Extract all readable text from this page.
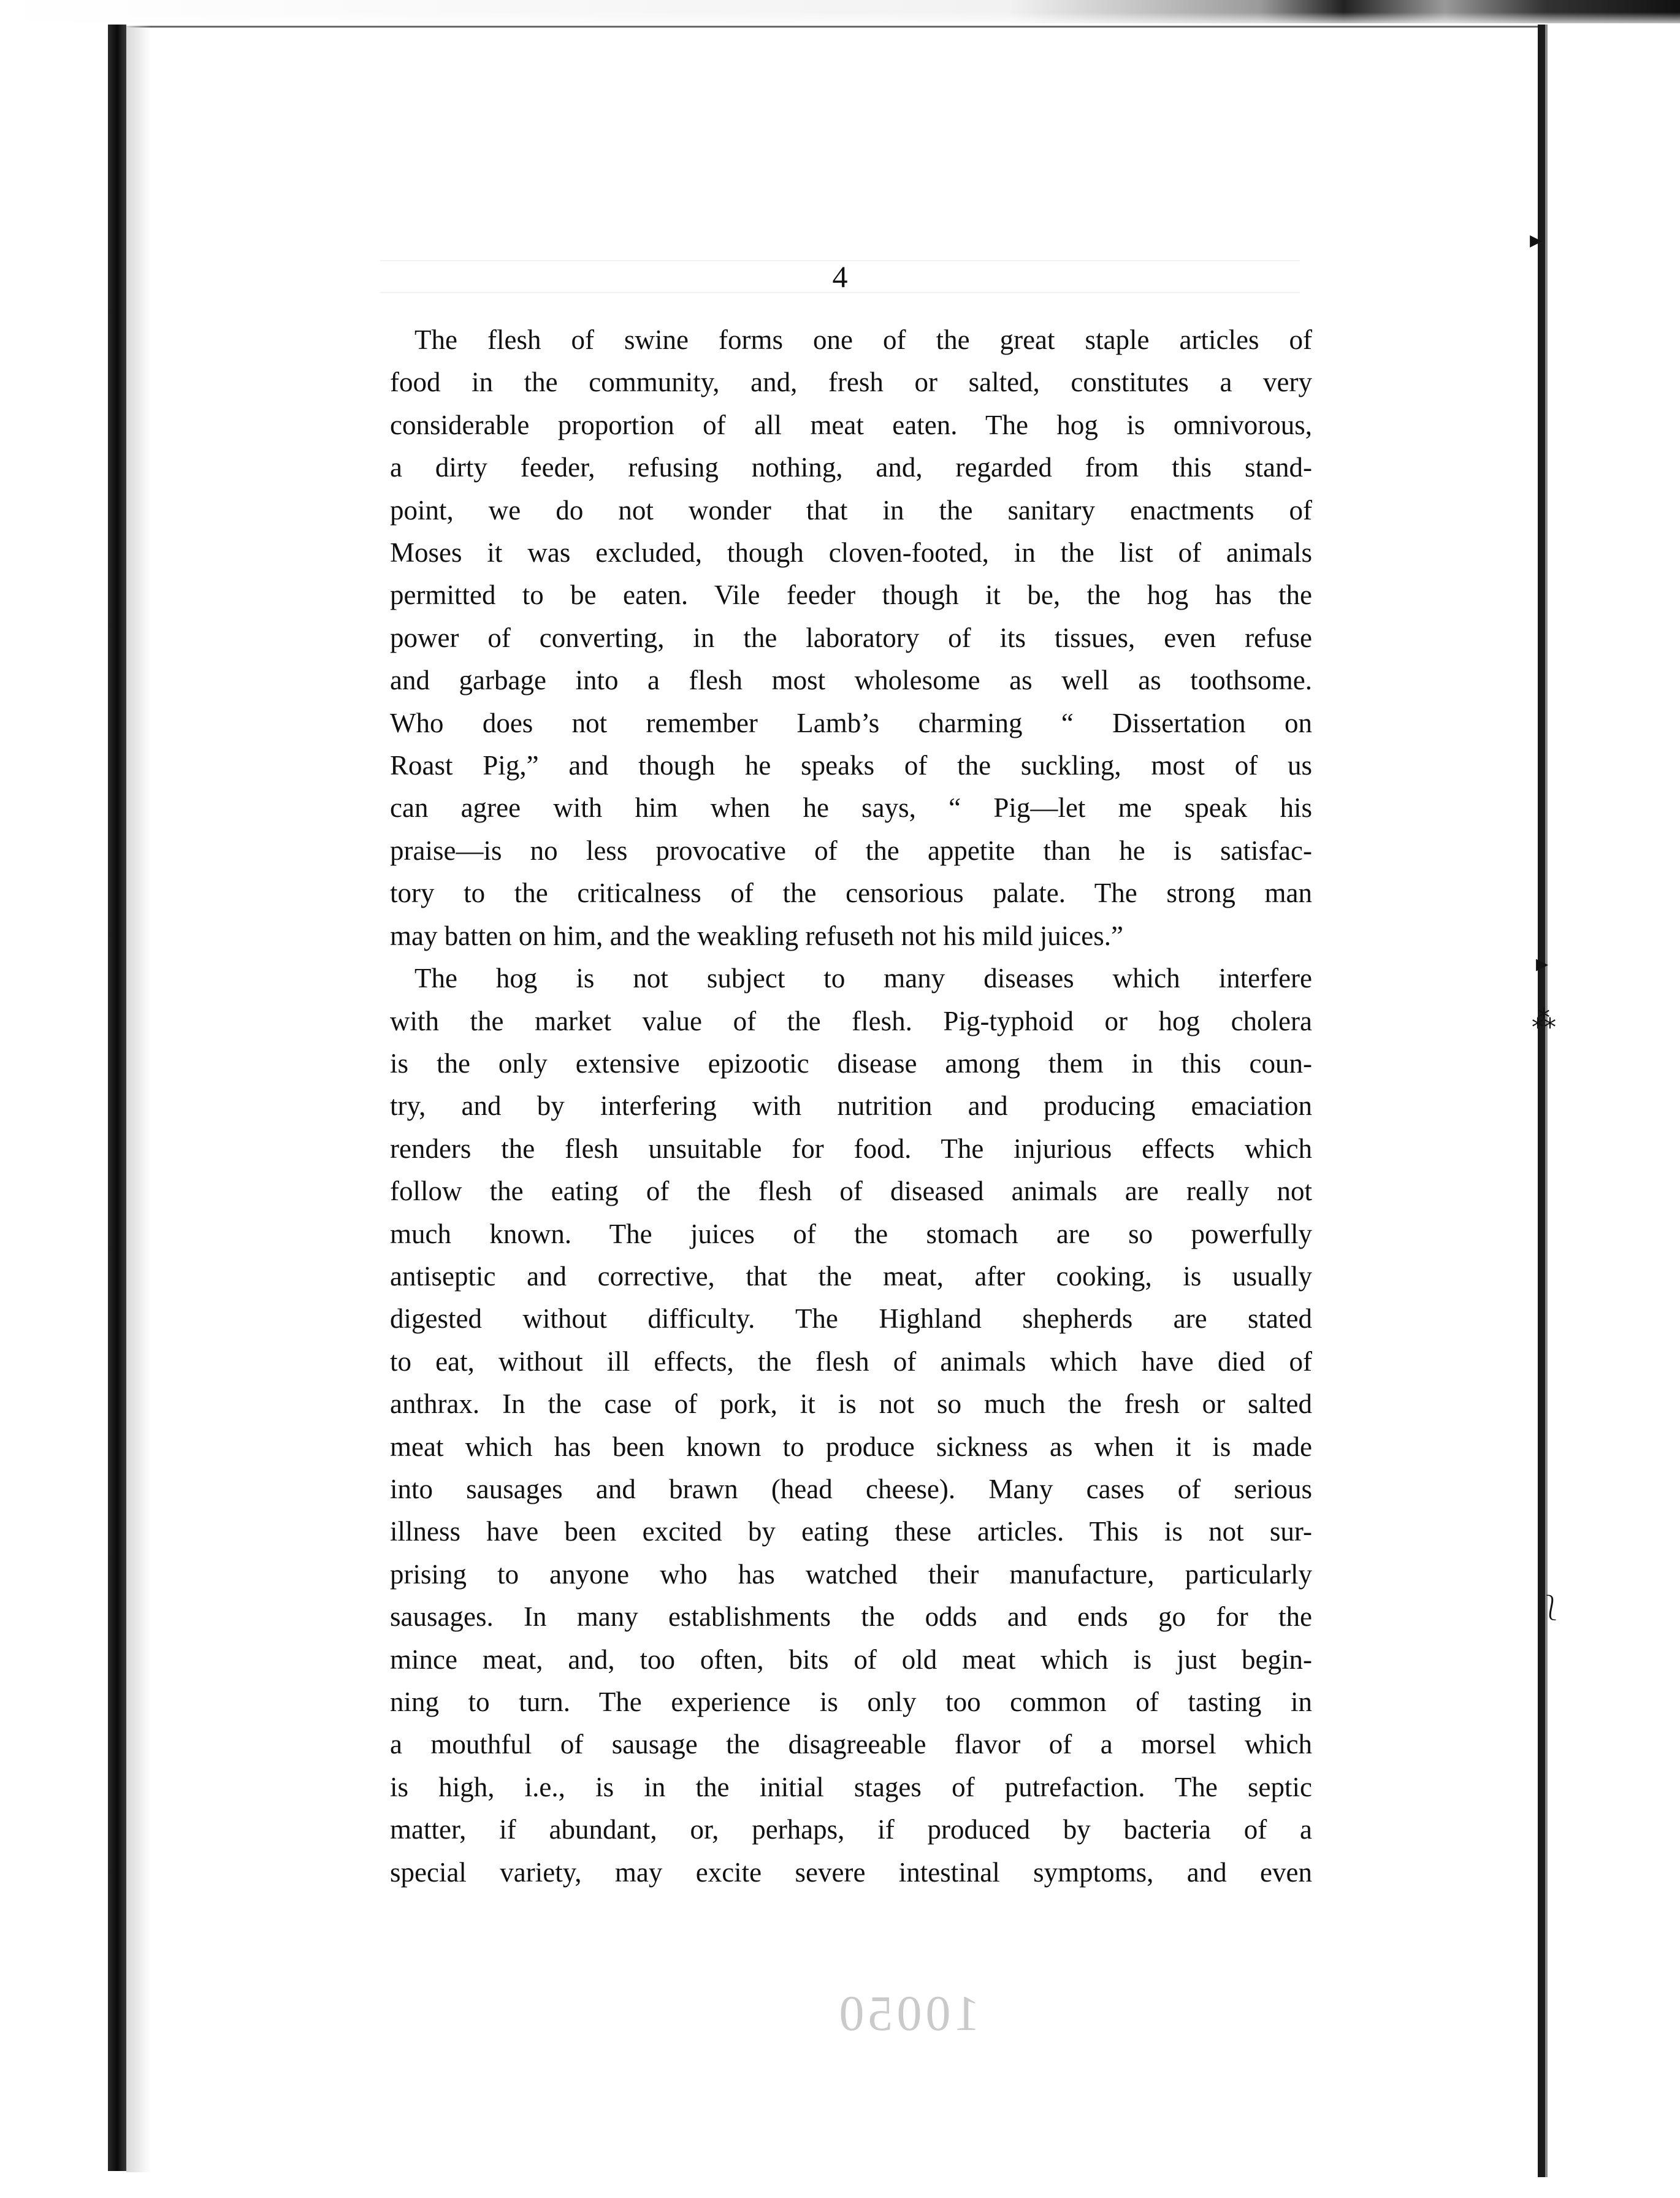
▸
▸
⁂
⎱
4
The flesh of swine forms one of the great staple articles of
food in the community, and, fresh or salted, constitutes a very
considerable proportion of all meat eaten. The hog is omnivorous,
a dirty feeder, refusing nothing, and, regarded from this stand-
point, we do not wonder that in the sanitary enactments of
Moses it was excluded, though cloven-footed, in the list of animals
permitted to be eaten. Vile feeder though it be, the hog has the
power of converting, in the laboratory of its tissues, even refuse
and garbage into a flesh most wholesome as well as toothsome.
Who does not remember Lamb’s charming “ Dissertation on
Roast Pig,” and though he speaks of the suckling, most of us
can agree with him when he says, “ Pig—let me speak his
praise—is no less provocative of the appetite than he is satisfac-
tory to the criticalness of the censorious palate. The strong man
may batten on him, and the weakling refuseth not his mild juices.”
The hog is not subject to many diseases which interfere
with the market value of the flesh. Pig-typhoid or hog cholera
is the only extensive epizootic disease among them in this coun-
try, and by interfering with nutrition and producing emaciation
renders the flesh unsuitable for food. The injurious effects which
follow the eating of the flesh of diseased animals are really not
much known. The juices of the stomach are so powerfully
antiseptic and corrective, that the meat, after cooking, is usually
digested without difficulty. The Highland shepherds are stated
to eat, without ill effects, the flesh of animals which have died of
anthrax. In the case of pork, it is not so much the fresh or salted
meat which has been known to produce sickness as when it is made
into sausages and brawn (head cheese). Many cases of serious
illness have been excited by eating these articles. This is not sur-
prising to anyone who has watched their manufacture, particularly
sausages. In many establishments the odds and ends go for the
mince meat, and, too often, bits of old meat which is just begin-
ning to turn. The experience is only too common of tasting in
a mouthful of sausage the disagreeable flavor of a morsel which
is high, i.e., is in the initial stages of putrefaction. The septic
matter, if abundant, or, perhaps, if produced by bacteria of a
special variety, may excite severe intestinal symptoms, and even
10050
